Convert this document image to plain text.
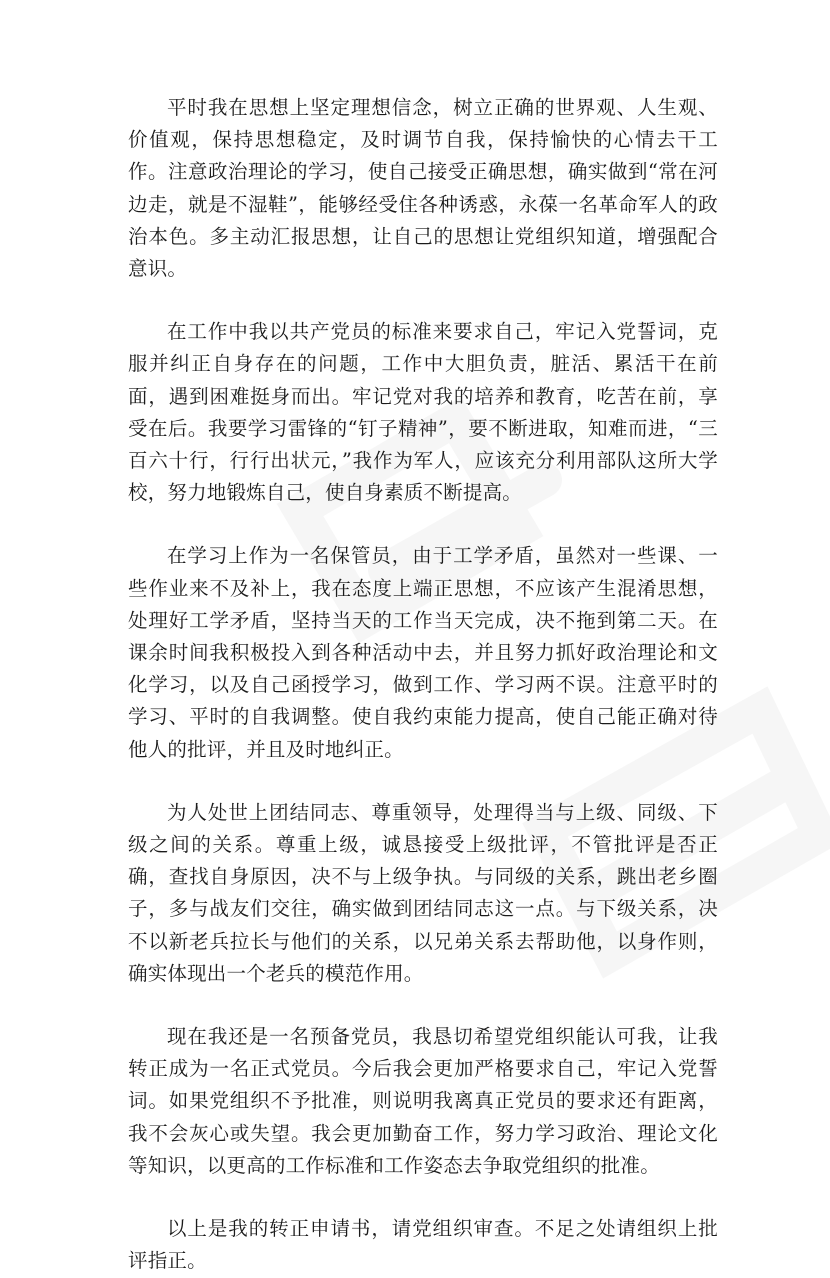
平时我在思想上坚定理想信念，树立正确的世界观、人生观、价值观，保持思想稳定，及时调节自我，保持愉快的心情去干工作。注意政治理论的学习，使自己接受正确思想，确实做到“常在河边走，就是不湿鞋”，能够经受住各种诱惑，永葆一名革命军人的政治本色。多主动汇报思想，让自己的思想让党组织知道，增强配合意识。

在工作中我以共产党员的标准来要求自己，牢记入党誓词，克服并纠正自身存在的问题，工作中大胆负责，脏活、累活干在前面，遇到困难挺身而出。牢记党对我的培养和教育，吃苦在前，享受在后。我要学习雷锋的“钉子精神”，要不断进取，知难而进，“三百六十行，行行出状元，”我作为军人，应该充分利用部队这所大学校，努力地锻炼自己，使自身素质不断提高。

在学习上作为一名保管员，由于工学矛盾，虽然对一些课、一些作业来不及补上，我在态度上端正思想，不应该产生混淆思想，处理好工学矛盾，坚持当天的工作当天完成，决不拖到第二天。在课余时间我积极投入到各种活动中去，并且努力抓好政治理论和文化学习，以及自己函授学习，做到工作、学习两不误。注意平时的学习、平时的自我调整。使自我约束能力提高，使自己能正确对待他人的批评，并且及时地纠正。

为人处世上团结同志、尊重领导，处理得当与上级、同级、下级之间的关系。尊重上级，诚恳接受上级批评，不管批评是否正确，查找自身原因，决不与上级争执。与同级的关系，跳出老乡圈子，多与战友们交往，确实做到团结同志这一点。与下级关系，决不以新老兵拉长与他们的关系，以兄弟关系去帮助他，以身作则，确实体现出一个老兵的模范作用。

现在我还是一名预备党员，我恳切希望党组织能认可我，让我转正成为一名正式党员。今后我会更加严格要求自己，牢记入党誓词。如果党组织不予批准，则说明我离真正党员的要求还有距离，我不会灰心或失望。我会更加勤奋工作，努力学习政治、理论文化等知识，以更高的工作标准和工作姿态去争取党组织的批准。

以上是我的转正申请书，请党组织审查。不足之处请组织上批评指正。
